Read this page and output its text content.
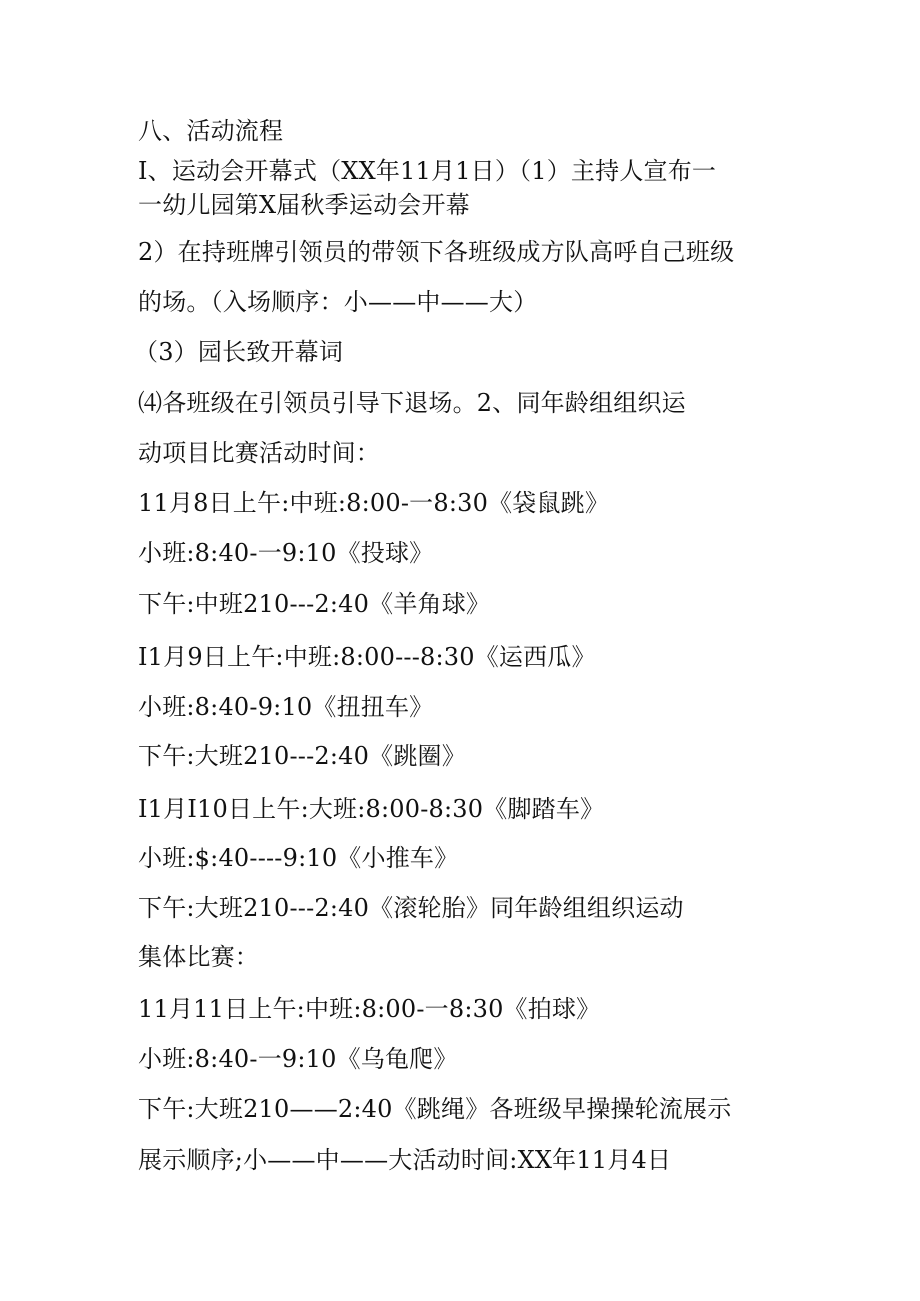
八、活动流程
I、运动会开幕式（XX年11月1日）（1）主持人宣布一
一幼儿园第X届秋季运动会开幕
2）在持班牌引领员的带领下各班级成方队高呼自己班级
的场。（入场顺序：小——中——大）
（3）园长致开幕词
⑷各班级在引领员引导下退场。2、同年龄组组织运
动项目比赛活动时间：
11月8日上午:中班:8:00-一8:30《袋鼠跳》
小班:8:40-一9:10《投球》
下午:中班210---2:40《羊角球》
I1月9日上午:中班:8:00---8:30《运西瓜》
小班:8:40-9:10《扭扭车》
下午:大班210---2:40《跳圈》
I1月I10日上午:大班:8:00-8:30《脚踏车》
小班:$:40----9:10《小推车》
下午:大班210---2:40《滚轮胎》同年龄组组织运动
集体比赛：
11月11日上午:中班:8:00-一8:30《拍球》
小班:8:40-一9:10《乌龟爬》
下午:大班210——2:40《跳绳》各班级早操操轮流展示
展示顺序;小——中——大活动时间:XX年11月4日
